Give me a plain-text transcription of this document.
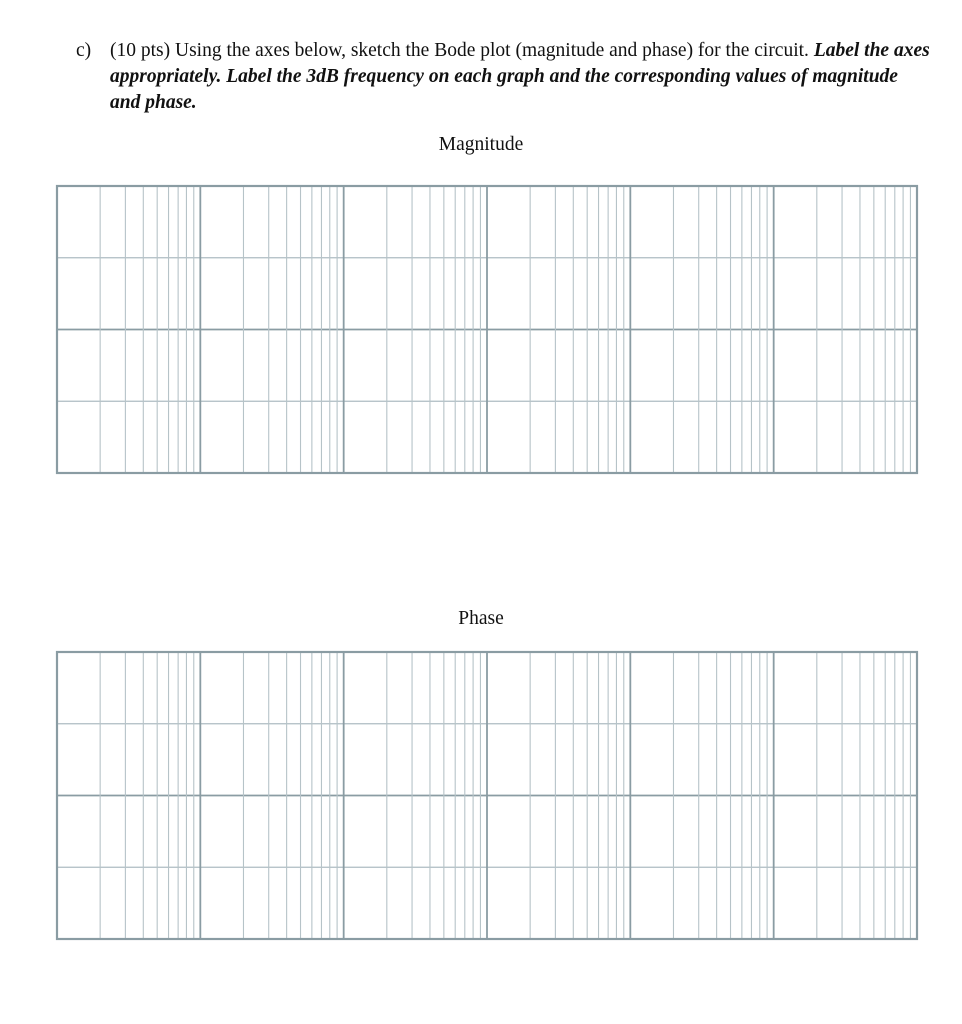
c) (10 pts) Using the axes below, sketch the Bode plot (magnitude and phase) for the circuit. Label the axes appropriately. Label the 3dB frequency on each graph and the corresponding values of magnitude and phase.
Magnitude
Phase
